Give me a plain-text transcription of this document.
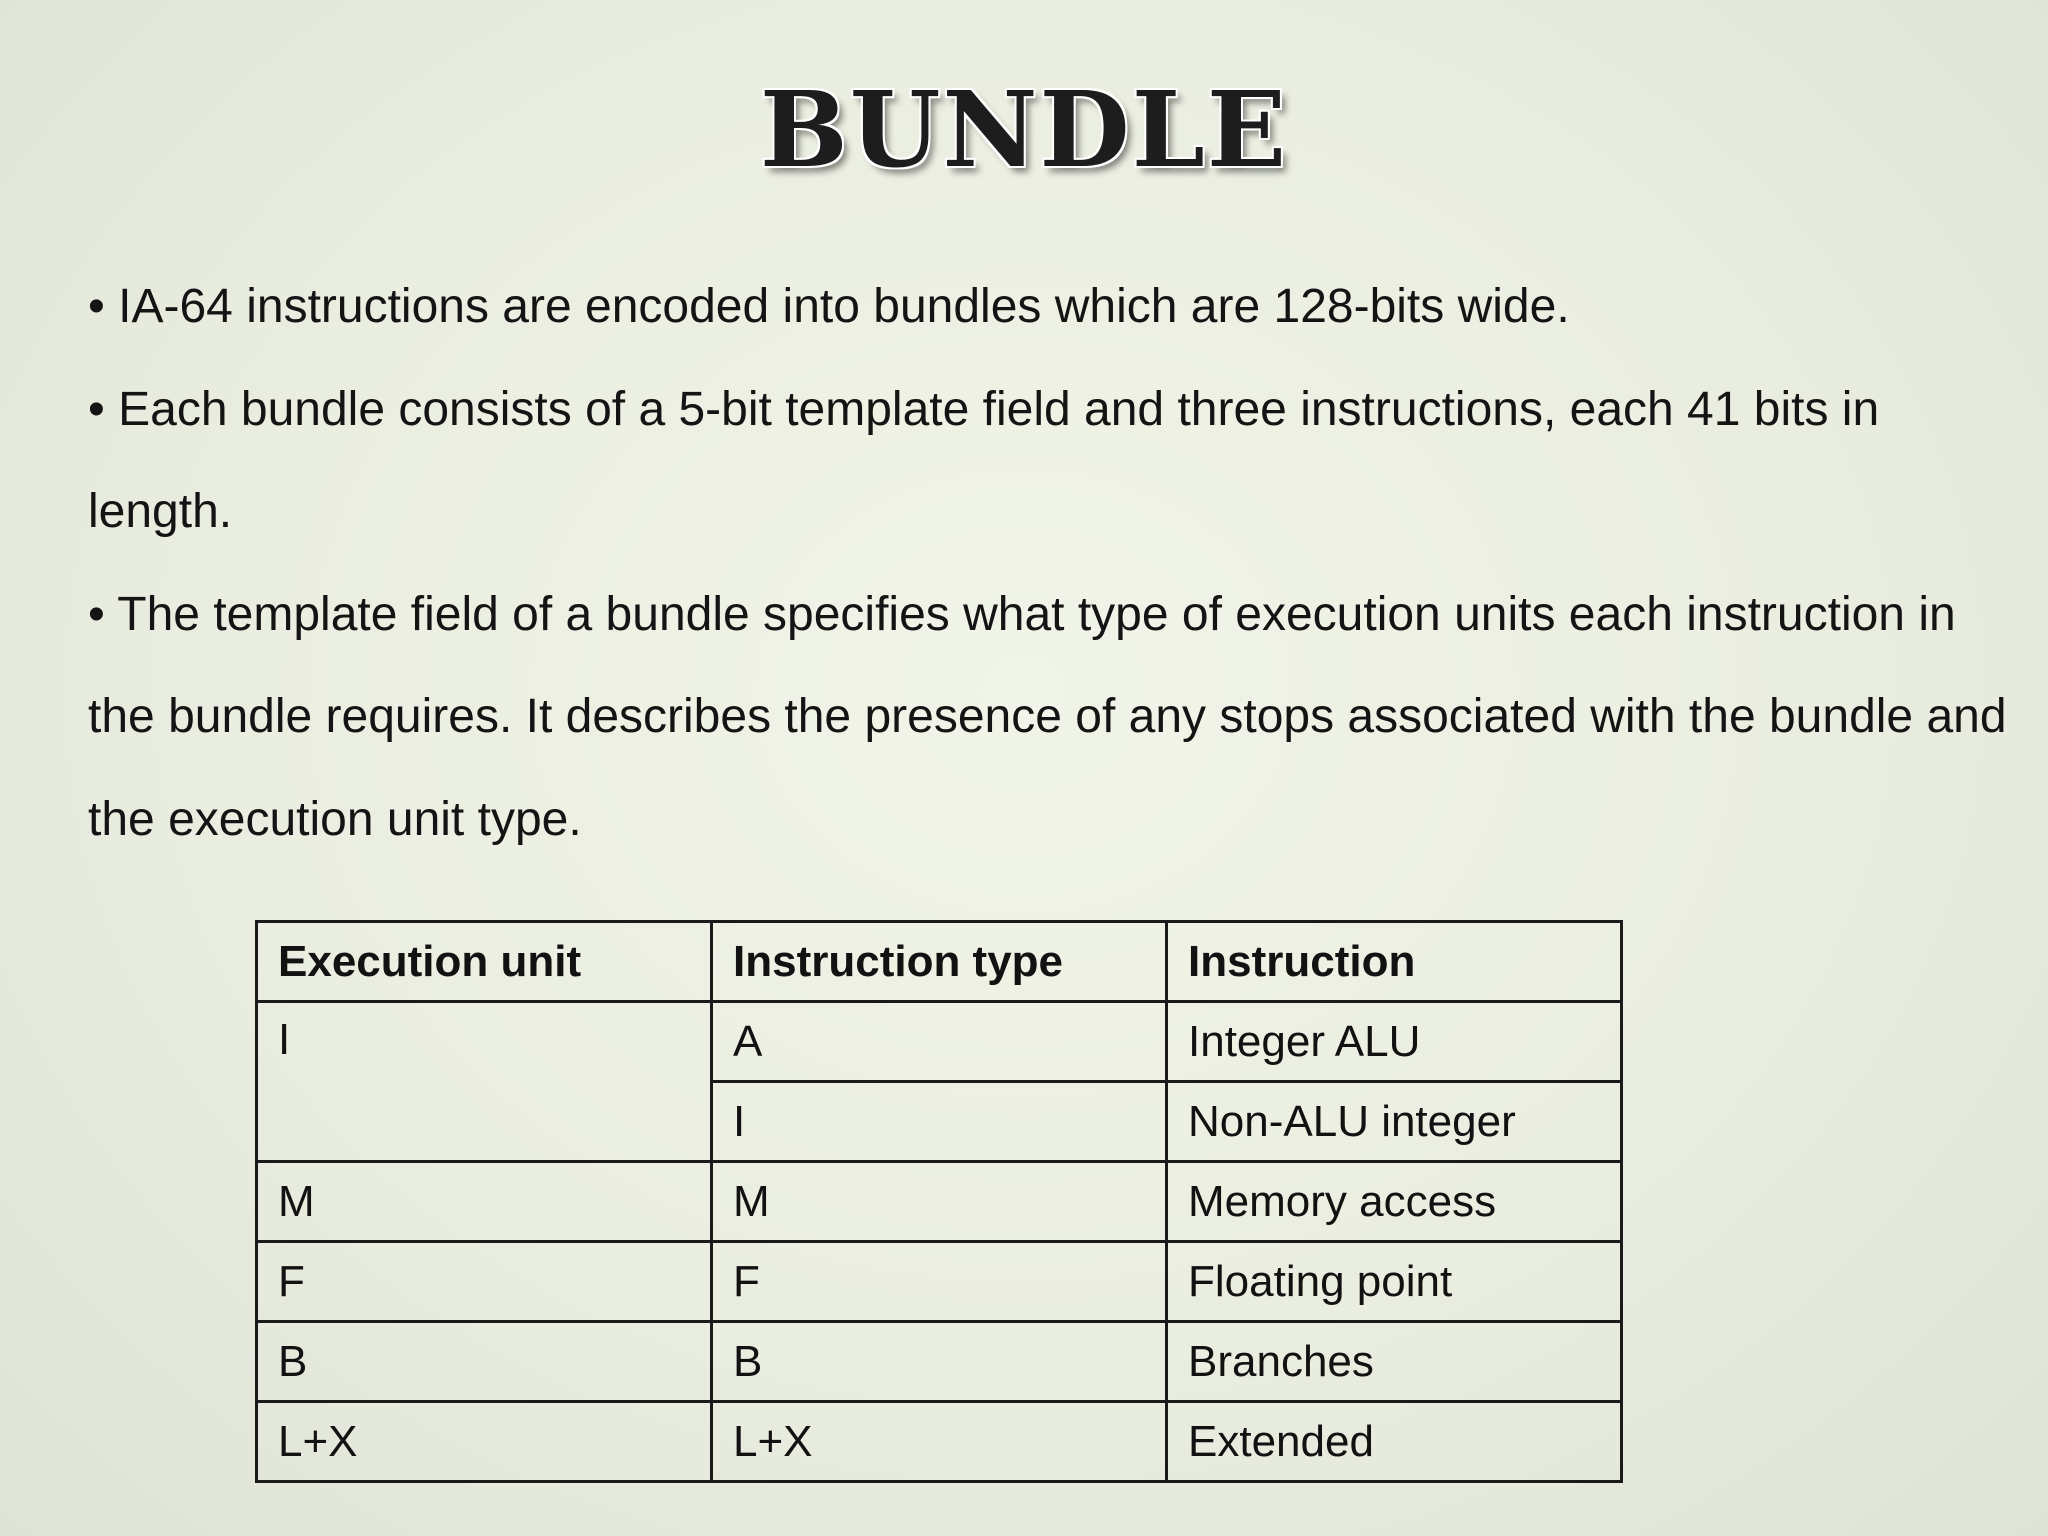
BUNDLE

• IA-64 instructions are encoded into bundles which are 128-bits wide.

• Each bundle consists of a 5-bit template field and three instructions, each 41 bits in length.

• The template field of a bundle specifies what type of execution units each instruction in the bundle requires. It describes the presence of any stops associated with the bundle and the execution unit type.

Execution unit	Instruction type	Instruction
I	A	Integer ALU
	I	Non-ALU integer
M	M	Memory access
F	F	Floating point
B	B	Branches
L+X	L+X	Extended
